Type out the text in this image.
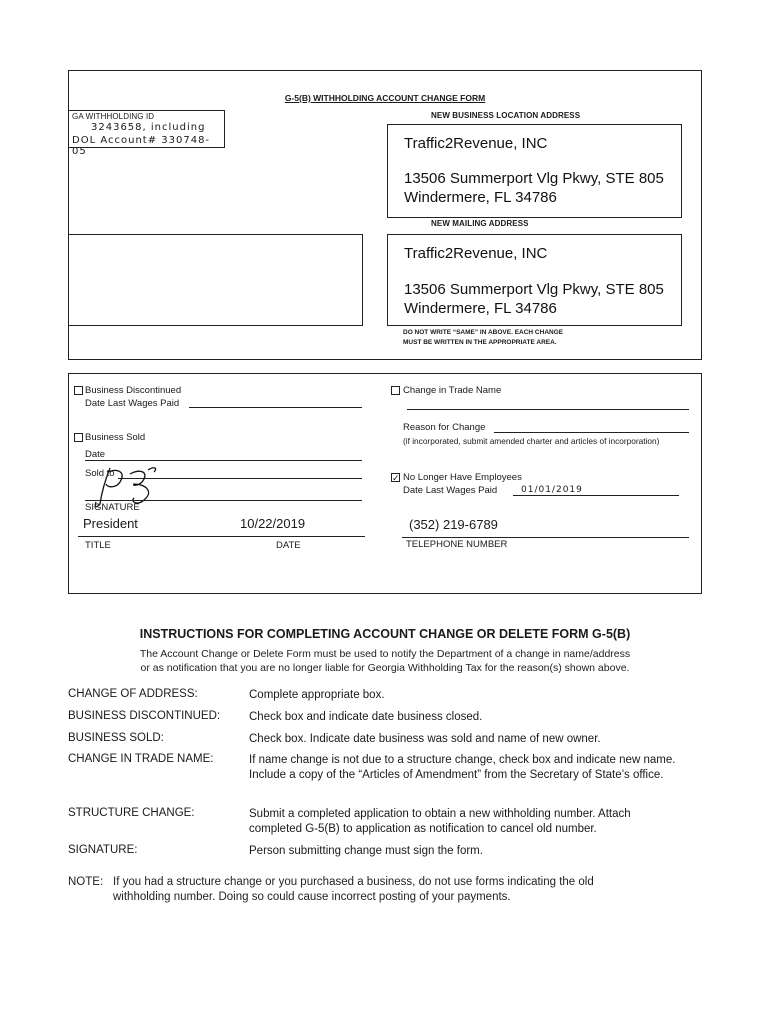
G-5(B) WITHHOLDING ACCOUNT CHANGE FORM
GA WITHHOLDING ID
3243658, including
DOL Account# 330748-05
NEW BUSINESS LOCATION ADDRESS
Traffic2Revenue, INC
13506 Summerport Vlg Pkwy, STE 805
Windermere, FL 34786
NEW MAILING ADDRESS
Traffic2Revenue, INC
13506 Summerport Vlg Pkwy, STE 805
Windermere, FL 34786
DO NOT WRITE “SAME” IN ABOVE. EACH CHANGE
MUST BE WRITTEN IN THE APPROPRIATE AREA.
Business Discontinued
Date Last Wages Paid
Change in Trade Name
Reason for Change
(if incorporated, submit amended charter and articles of incorporation)
Business Sold
Date
Sold to	✓ No Longer Have Employees
Date Last Wages Paid	01/01/2019
SIGNATURE
President	10/22/2019	(352) 219-6789
TITLE	DATE	TELEPHONE NUMBER
INSTRUCTIONS FOR COMPLETING ACCOUNT CHANGE OR DELETE FORM G-5(B)
The Account Change or Delete Form must be used to notify the Department of a change in name/address
or as notification that you are no longer liable for Georgia Withholding Tax for the reason(s) shown above.
CHANGE OF ADDRESS:	Complete appropriate box.
BUSINESS DISCONTINUED:	Check box and indicate date business closed.
BUSINESS SOLD:	Check box. Indicate date business was sold and name of new owner.
CHANGE IN TRADE NAME:	If name change is not due to a structure change, check box and indicate new name. Include a copy of the “Articles of Amendment” from the Secretary of State’s office.
STRUCTURE CHANGE:	Submit a completed application to obtain a new withholding number. Attach completed G-5(B) to application as notification to cancel old number.
SIGNATURE:	Person submitting change must sign the form.
NOTE: If you had a structure change or you purchased a business, do not use forms indicating the old
withholding number. Doing so could cause incorrect posting of your payments.
